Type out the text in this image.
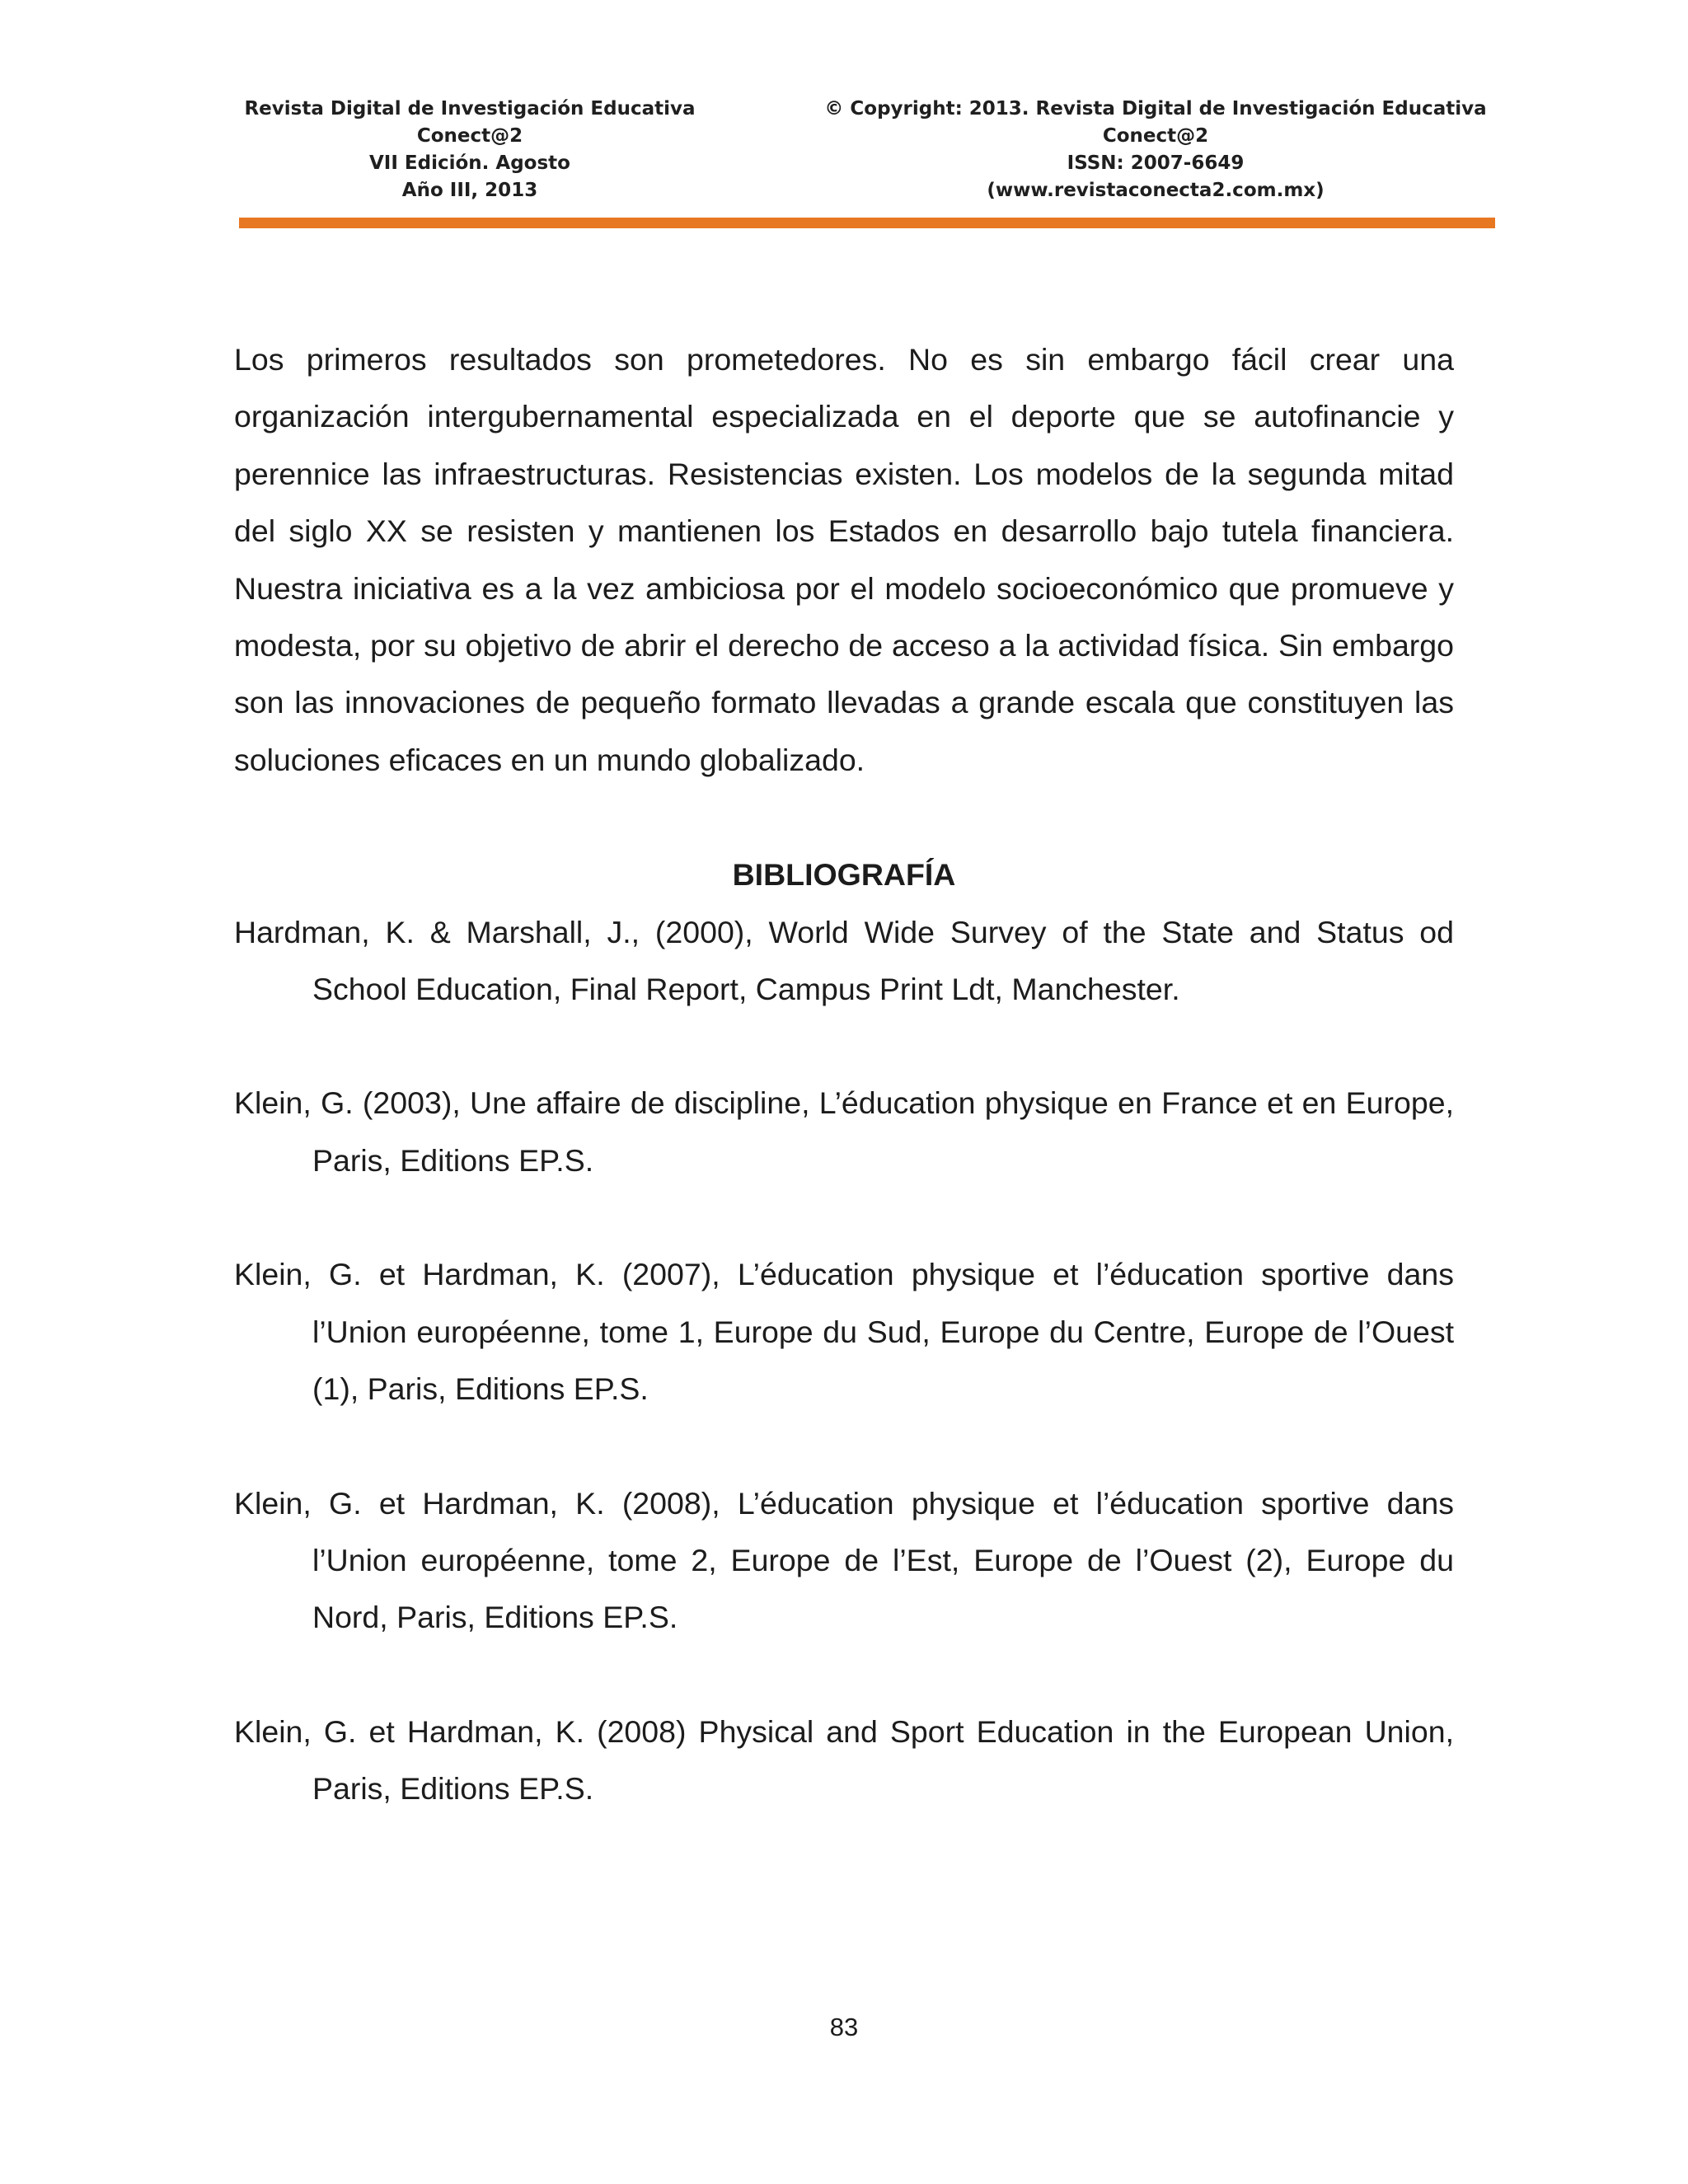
Revista Digital de Investigación Educativa
Conect@2
VII Edición. Agosto
Año III, 2013
© Copyright: 2013. Revista Digital de Investigación Educativa
Conect@2
ISSN: 2007-6649
(www.revistaconecta2.com.mx)

Los primeros resultados son prometedores. No es sin embargo fácil crear una organización intergubernamental especializada en el deporte que se autofinancie y perennice las infraestructuras. Resistencias existen. Los modelos de la segunda mitad del siglo XX se resisten y mantienen los Estados en desarrollo bajo tutela financiera. Nuestra iniciativa es a la vez ambiciosa por el modelo socioeconómico que promueve y modesta, por su objetivo de abrir el derecho de acceso a la actividad física. Sin embargo son las innovaciones de pequeño formato llevadas a grande escala que constituyen las soluciones eficaces en un mundo globalizado.

BIBLIOGRAFÍA
Hardman, K. & Marshall, J., (2000), World Wide Survey of the State and Status od School Education, Final Report, Campus Print Ldt, Manchester.
Klein, G. (2003), Une affaire de discipline, L’éducation physique en France et en Europe, Paris, Editions EP.S.
Klein, G. et Hardman, K. (2007), L’éducation physique et l’éducation sportive dans l’Union européenne, tome 1, Europe du Sud, Europe du Centre, Europe de l’Ouest (1), Paris, Editions EP.S.
Klein, G. et Hardman, K. (2008), L’éducation physique et l’éducation sportive dans l’Union européenne, tome 2, Europe de l’Est, Europe de l’Ouest (2), Europe du Nord, Paris, Editions EP.S.
Klein, G. et Hardman, K. (2008) Physical and Sport Education in the European Union, Paris, Editions EP.S.
83
